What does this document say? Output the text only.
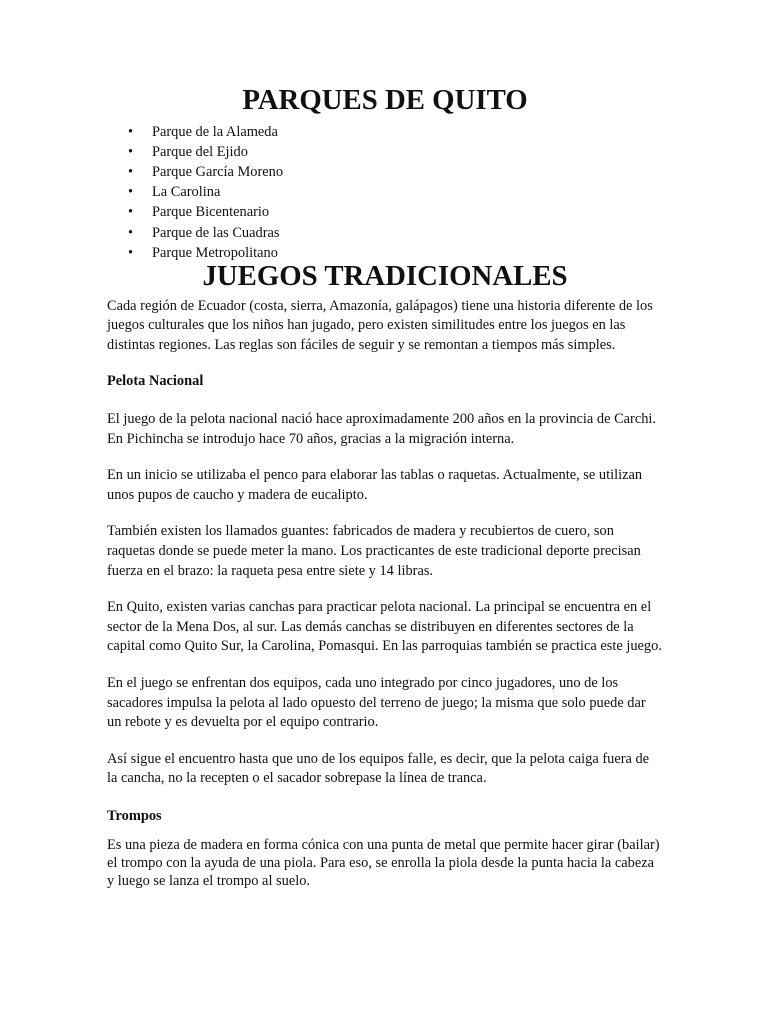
PARQUES DE QUITO
• Parque de la Alameda
• Parque del Ejido
• Parque García Moreno
• La Carolina
• Parque Bicentenario
• Parque de las Cuadras
• Parque Metropolitano
JUEGOS TRADICIONALES

Cada región de Ecuador (costa, sierra, Amazonía, galápagos) tiene una historia diferente de los juegos culturales que los niños han jugado, pero existen similitudes entre los juegos en las distintas regiones. Las reglas son fáciles de seguir y se remontan a tiempos más simples.

Pelota Nacional

El juego de la pelota nacional nació hace aproximadamente 200 años en la provincia de Carchi. En Pichincha se introdujo hace 70 años, gracias a la migración interna.

En un inicio se utilizaba el penco para elaborar las tablas o raquetas. Actualmente, se utilizan unos pupos de caucho y madera de eucalipto.

También existen los llamados guantes: fabricados de madera y recubiertos de cuero, son raquetas donde se puede meter la mano. Los practicantes de este tradicional deporte precisan fuerza en el brazo: la raqueta pesa entre siete y 14 libras.

En Quito, existen varias canchas para practicar pelota nacional. La principal se encuentra en el sector de la Mena Dos, al sur. Las demás canchas se distribuyen en diferentes sectores de la capital como Quito Sur, la Carolina, Pomasqui. En las parroquias también se practica este juego.

En el juego se enfrentan dos equipos, cada uno integrado por cinco jugadores, uno de los sacadores impulsa la pelota al lado opuesto del terreno de juego; la misma que solo puede dar un rebote y es devuelta por el equipo contrario.

Así sigue el encuentro hasta que uno de los equipos falle, es decir, que la pelota caiga fuera de la cancha, no la recepten o el sacador sobrepase la línea de tranca.

Trompos

Es una pieza de madera en forma cónica con una punta de metal que permite hacer girar (bailar) el trompo con la ayuda de una piola. Para eso, se enrolla la piola desde la punta hacia la cabeza y luego se lanza el trompo al suelo.
